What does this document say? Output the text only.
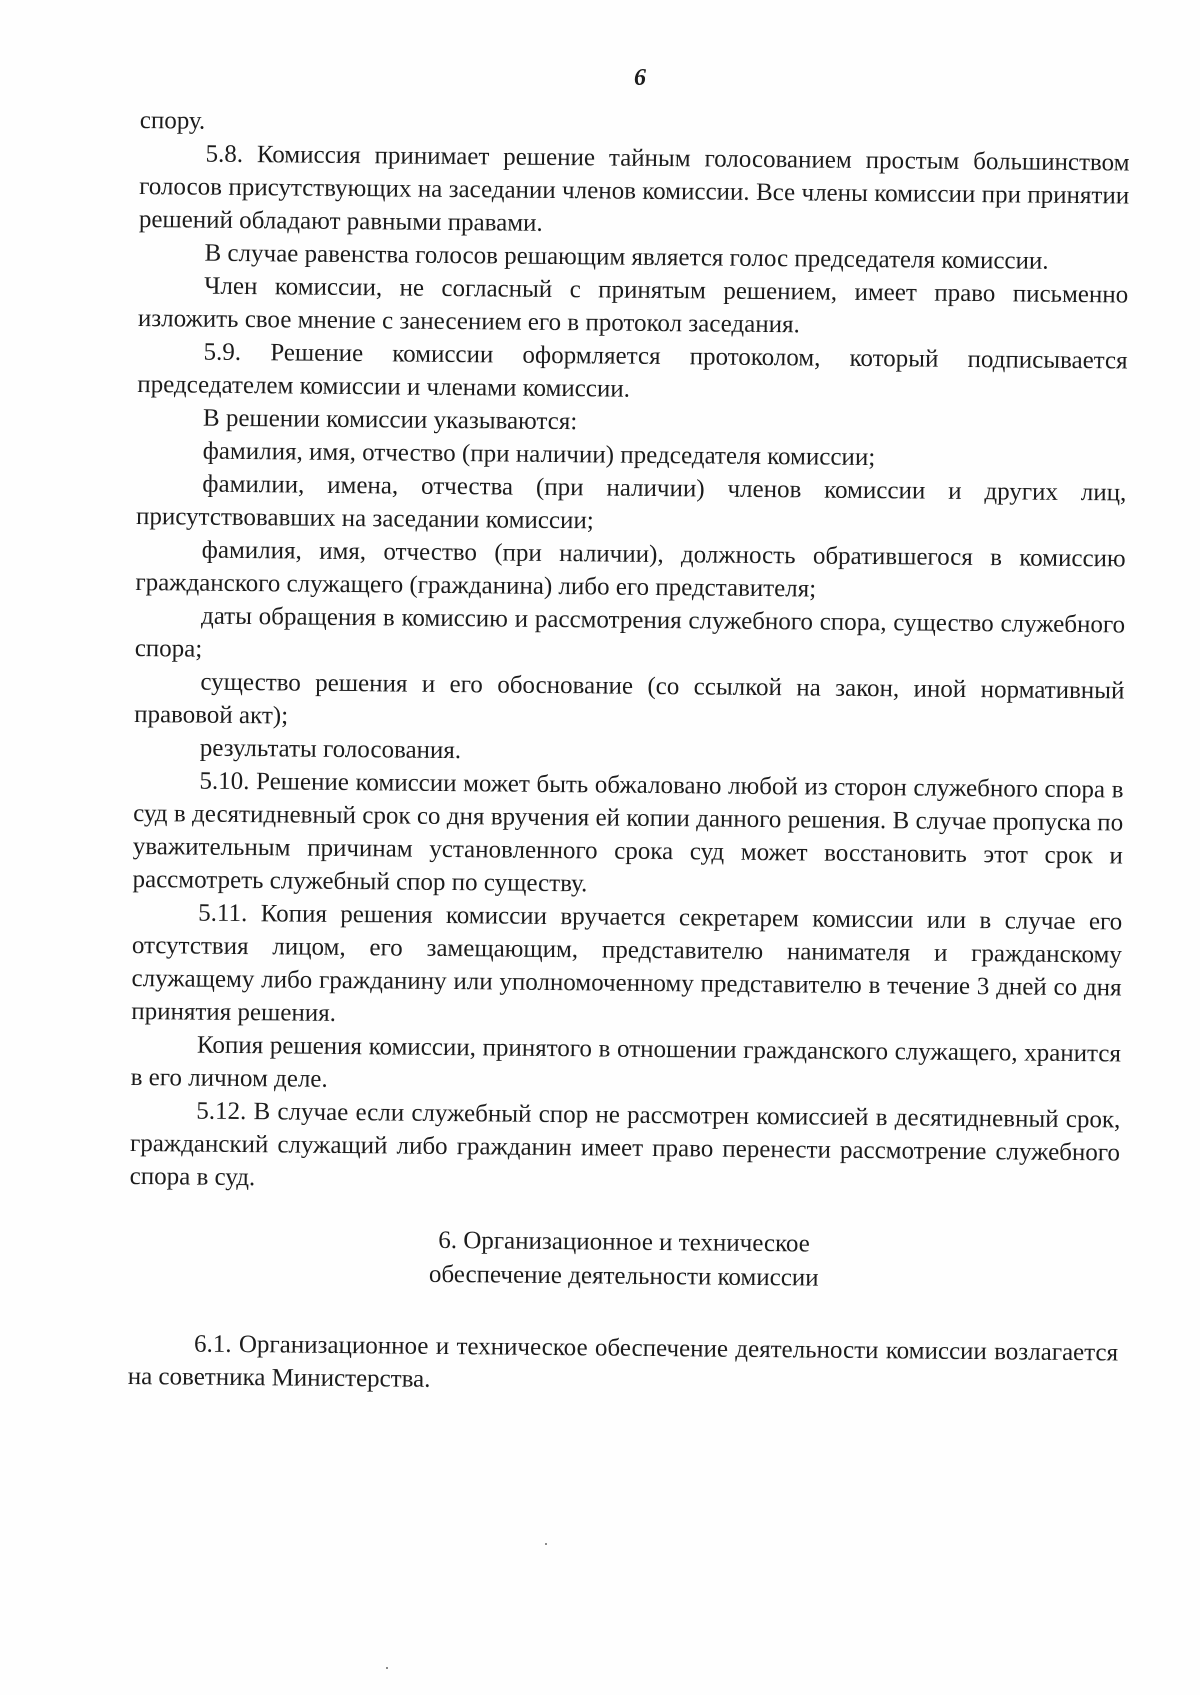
6

спору.

5.8. Комиссия принимает решение тайным голосованием простым большинством голосов присутствующих на заседании членов комиссии. Все члены комиссии при принятии решений обладают равными правами.

В случае равенства голосов решающим является голос председателя комиссии.

Член комиссии, не согласный с принятым решением, имеет право письменно изложить свое мнение с занесением его в протокол заседания.

5.9. Решение комиссии оформляется протоколом, который подписывается председателем комиссии и членами комиссии.

В решении комиссии указываются:

фамилия, имя, отчество (при наличии) председателя комиссии;

фамилии, имена, отчества (при наличии) членов комиссии и других лиц, присутствовавших на заседании комиссии;

фамилия, имя, отчество (при наличии), должность обратившегося в комиссию гражданского служащего (гражданина) либо его представителя;

даты обращения в комиссию и рассмотрения служебного спора, существо служебного спора;

существо решения и его обоснование (со ссылкой на закон, иной нормативный правовой акт);

результаты голосования.

5.10. Решение комиссии может быть обжаловано любой из сторон служебного спора в суд в десятидневный срок со дня вручения ей копии данного решения. В случае пропуска по уважительным причинам установленного срока суд может восстановить этот срок и рассмотреть служебный спор по существу.

5.11. Копия решения комиссии вручается секретарем комиссии или в случае его отсутствия лицом, его замещающим, представителю нанимателя и гражданскому служащему либо гражданину или уполномоченному представителю в течение 3 дней со дня принятия решения.

Копия решения комиссии, принятого в отношении гражданского служащего, хранится в его личном деле.

5.12. В случае если служебный спор не рассмотрен комиссией в десятидневный срок, гражданский служащий либо гражданин имеет право перенести рассмотрение служебного спора в суд.

6. Организационное и техническое
обеспечение деятельности комиссии

6.1. Организационное и техническое обеспечение деятельности комиссии возлагается на советника Министерства.
